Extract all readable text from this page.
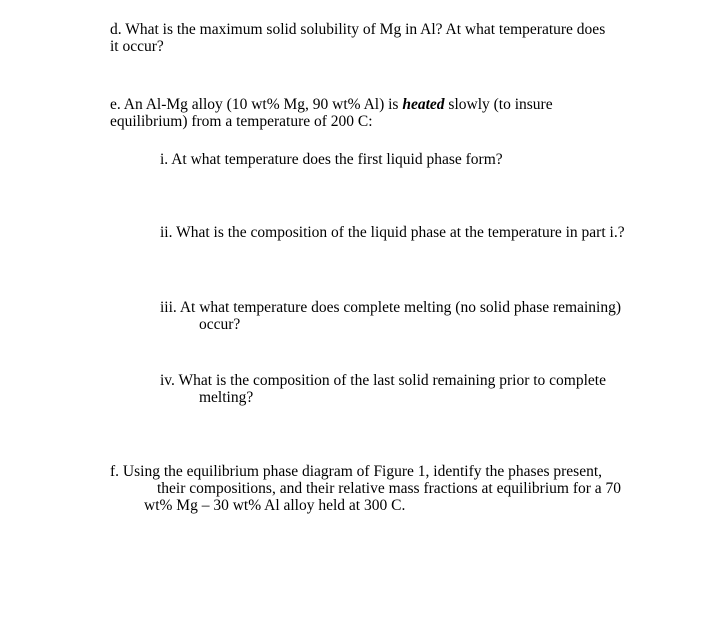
d. What is the maximum solid solubility of Mg in Al? At what temperature does
it occur?
e. An Al-Mg alloy (10 wt% Mg, 90 wt% Al) is heated slowly (to insure
equilibrium) from a temperature of 200 C:
i. At what temperature does the first liquid phase form?
ii. What is the composition of the liquid phase at the temperature in part i.?
iii. At what temperature does complete melting (no solid phase remaining)
occur?
iv. What is the composition of the last solid remaining prior to complete
melting?
f. Using the equilibrium phase diagram of Figure 1, identify the phases present,
their compositions, and their relative mass fractions at equilibrium for a 70
wt% Mg – 30 wt% Al alloy held at 300 C.
